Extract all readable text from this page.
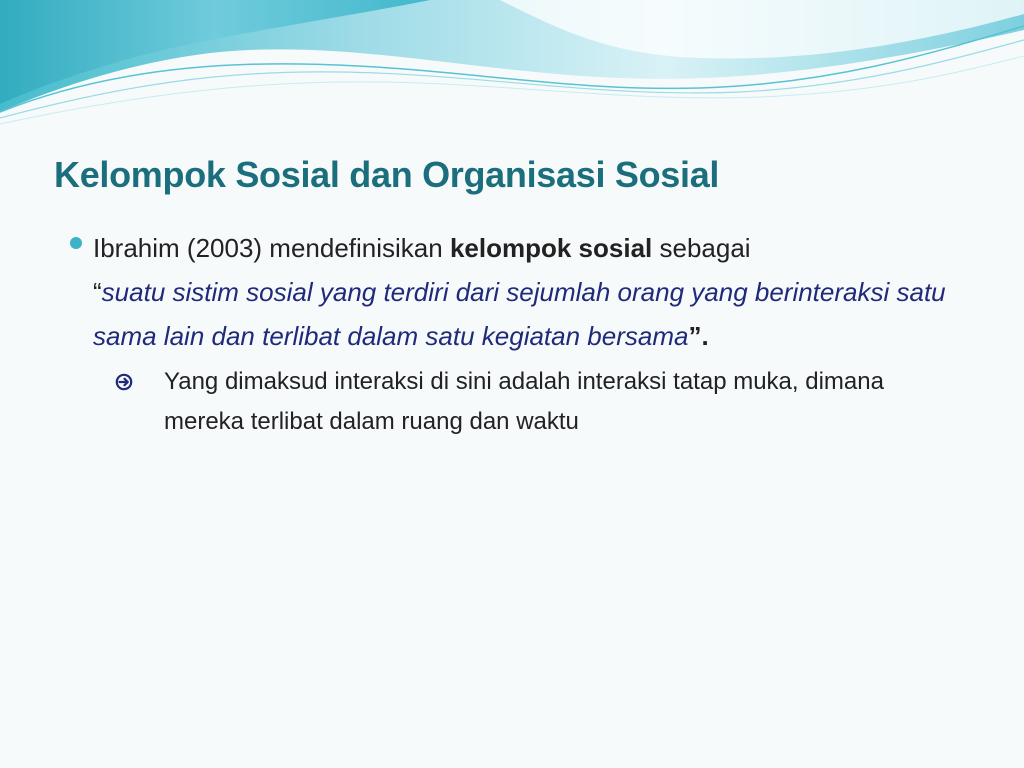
Kelompok Sosial dan Organisasi Sosial
Ibrahim (2003) mendefinisikan kelompok sosial sebagai
“suatu sistim sosial yang terdiri dari sejumlah orang yang berinteraksi satu sama lain dan terlibat dalam satu kegiatan bersama”.
Yang dimaksud interaksi di sini adalah interaksi tatap muka, dimana mereka terlibat dalam ruang dan waktu
